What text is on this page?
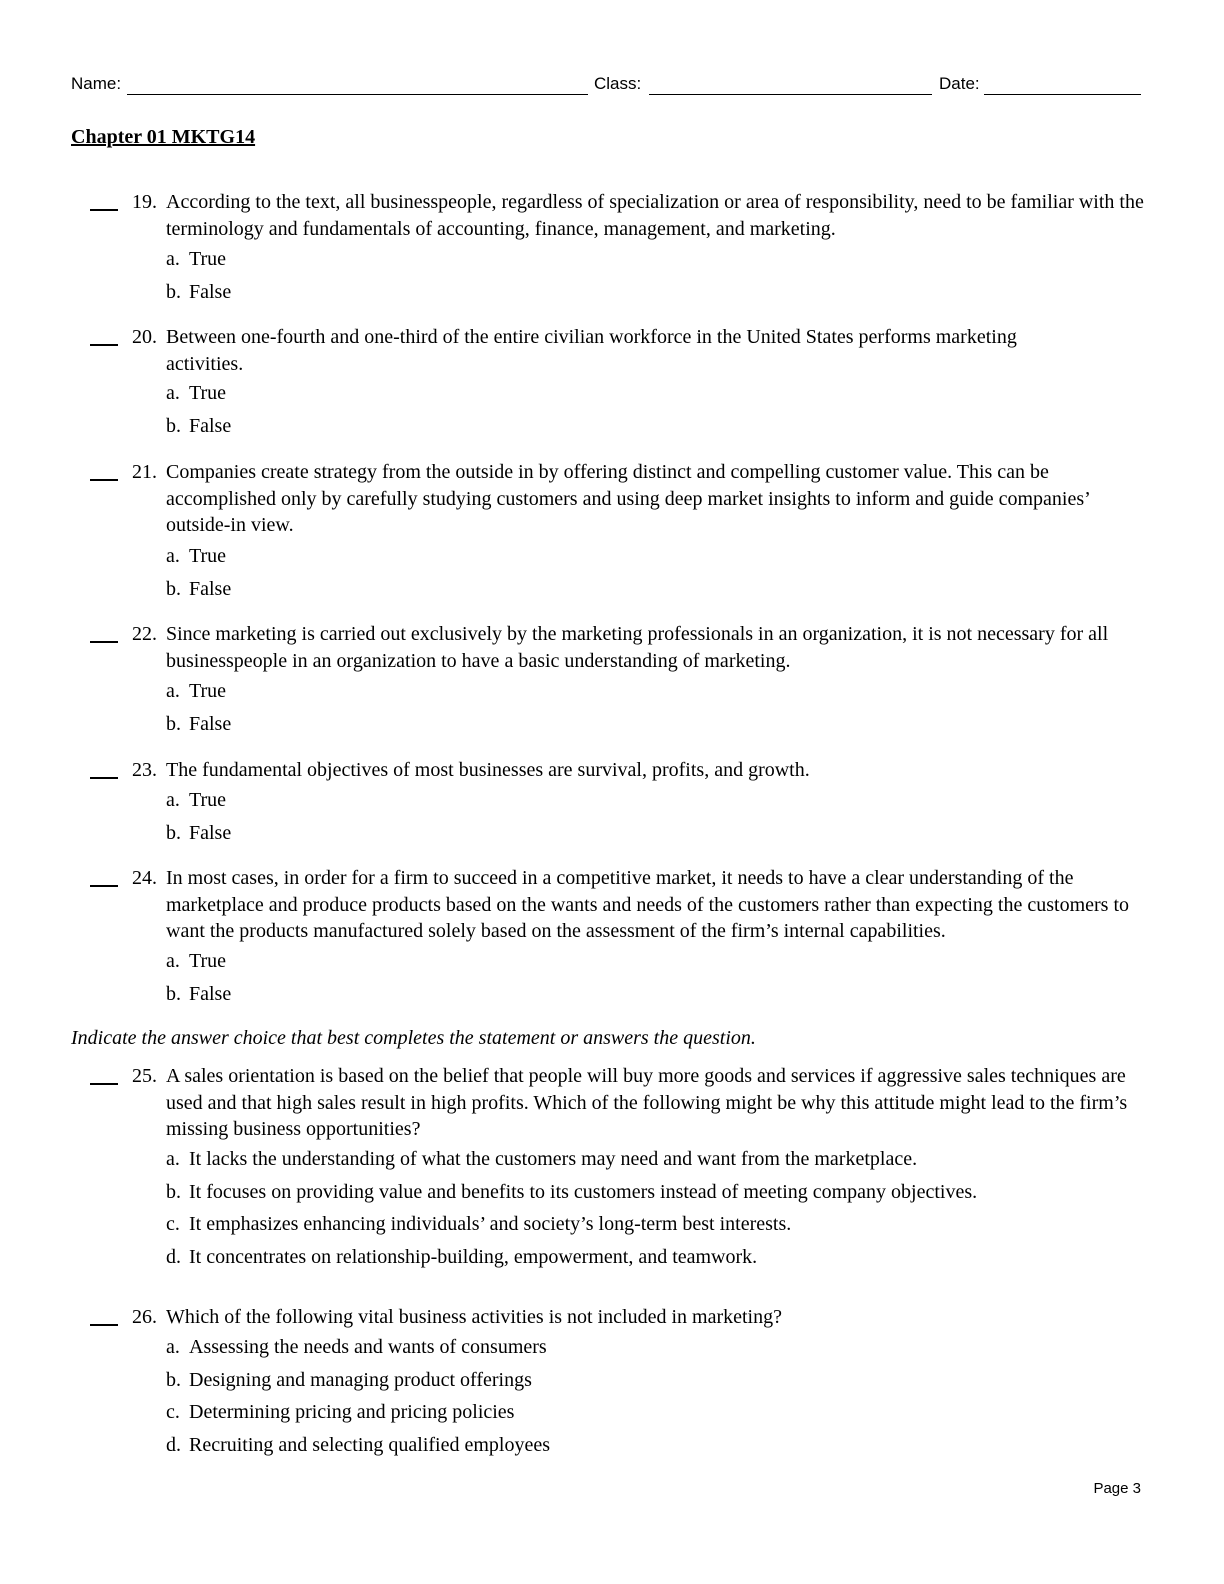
Name:	Class:	Date:
Chapter 01 MKTG14
19. According to the text, all businesspeople, regardless of specialization or area of responsibility, need to be familiar with the terminology and fundamentals of accounting, finance, management, and marketing.
a. True
b. False
20. Between one-fourth and one-third of the entire civilian workforce in the United States performs marketing activities.
a. True
b. False
21. Companies create strategy from the outside in by offering distinct and compelling customer value. This can be accomplished only by carefully studying customers and using deep market insights to inform and guide companies’ outside-in view.
a. True
b. False
22. Since marketing is carried out exclusively by the marketing professionals in an organization, it is not necessary for all businesspeople in an organization to have a basic understanding of marketing.
a. True
b. False
23. The fundamental objectives of most businesses are survival, profits, and growth.
a. True
b. False
24. In most cases, in order for a firm to succeed in a competitive market, it needs to have a clear understanding of the marketplace and produce products based on the wants and needs of the customers rather than expecting the customers to want the products manufactured solely based on the assessment of the firm’s internal capabilities.
a. True
b. False
Indicate the answer choice that best completes the statement or answers the question.
25. A sales orientation is based on the belief that people will buy more goods and services if aggressive sales techniques are used and that high sales result in high profits. Which of the following might be why this attitude might lead to the firm’s missing business opportunities?
a. It lacks the understanding of what the customers may need and want from the marketplace.
b. It focuses on providing value and benefits to its customers instead of meeting company objectives.
c. It emphasizes enhancing individuals’ and society’s long-term best interests.
d. It concentrates on relationship-building, empowerment, and teamwork.
26. Which of the following vital business activities is not included in marketing?
a. Assessing the needs and wants of consumers
b. Designing and managing product offerings
c. Determining pricing and pricing policies
d. Recruiting and selecting qualified employees
Page 3
